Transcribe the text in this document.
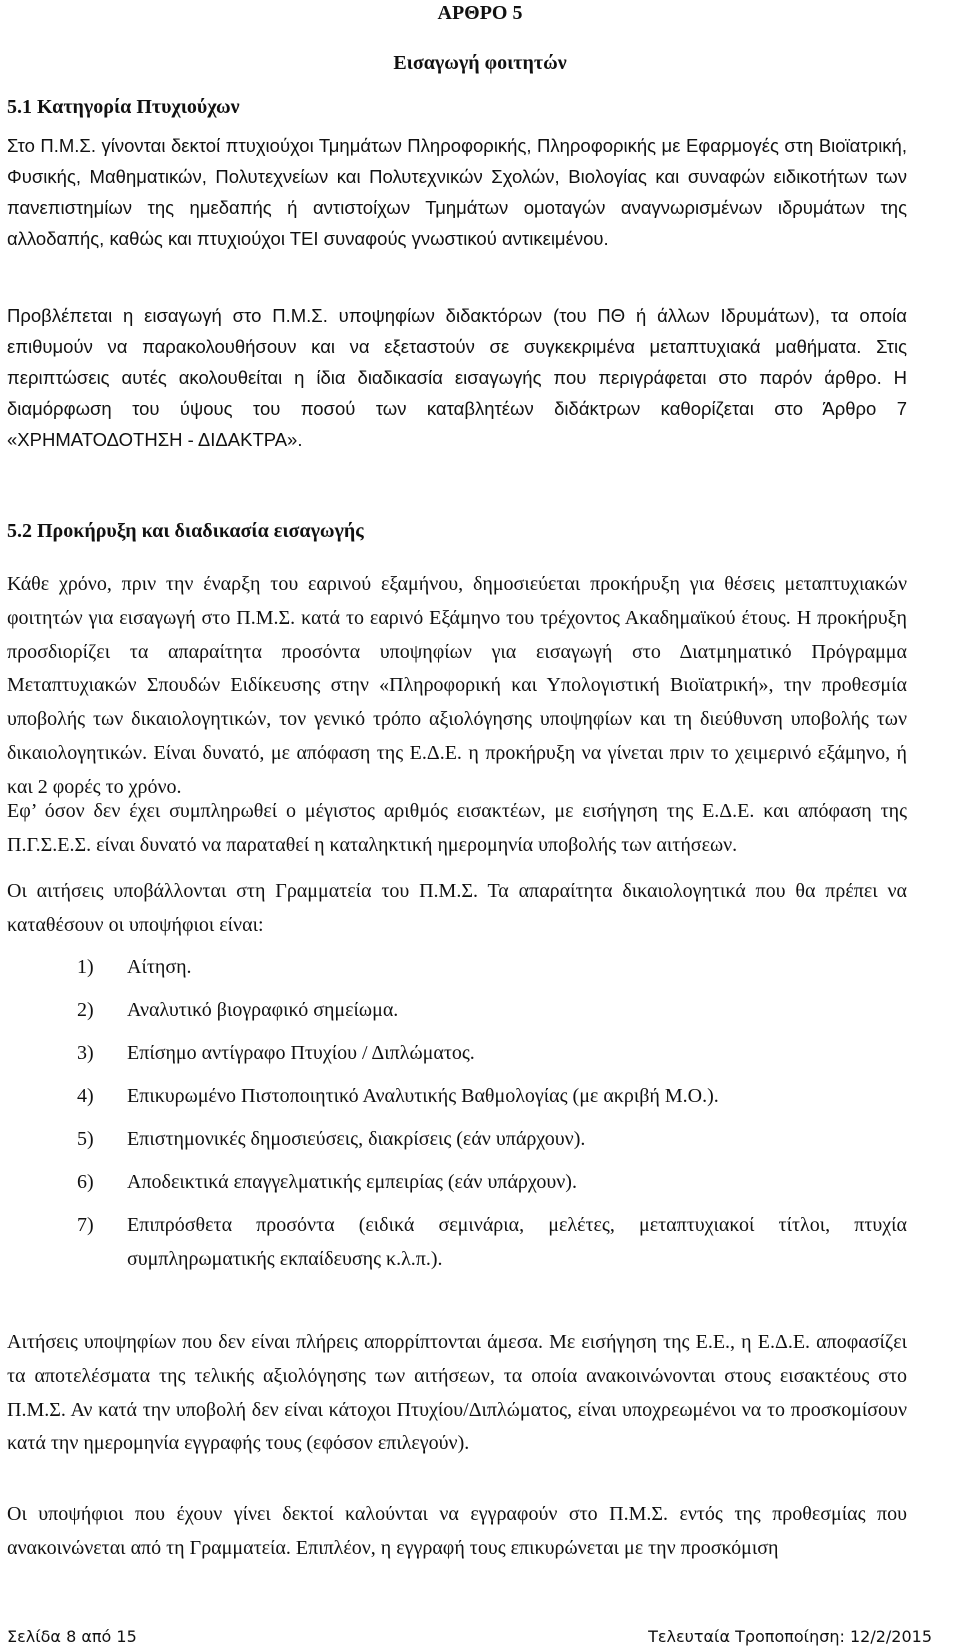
ΑΡΘΡΟ 5
Εισαγωγή φοιτητών
5.1 Κατηγορία Πτυχιούχων
Στο Π.Μ.Σ. γίνονται δεκτοί πτυχιούχοι Τμημάτων Πληροφορικής, Πληροφορικής με Εφαρμογές στη Βιοϊατρική, Φυσικής, Μαθηματικών, Πολυτεχνείων και Πολυτεχνικών Σχολών, Βιολογίας και συναφών ειδικοτήτων των πανεπιστημίων της ημεδαπής ή αντιστοίχων Τμημάτων ομοταγών αναγνωρισμένων ιδρυμάτων της αλλοδαπής, καθώς και πτυχιούχοι ΤΕΙ συναφούς γνωστικού αντικειμένου.
Προβλέπεται η εισαγωγή στο Π.Μ.Σ. υποψηφίων διδακτόρων (του ΠΘ ή άλλων Ιδρυμάτων), τα οποία επιθυμούν να παρακολουθήσουν και να εξεταστούν σε συγκεκριμένα μεταπτυχιακά μαθήματα. Στις περιπτώσεις αυτές ακολουθείται η ίδια διαδικασία εισαγωγής που περιγράφεται στο παρόν άρθρο. Η διαμόρφωση του ύψους του ποσού των καταβλητέων διδάκτρων καθορίζεται στο Άρθρο 7 «ΧΡΗΜΑΤΟΔΟΤΗΣΗ - ΔΙΔΑΚΤΡΑ».
5.2 Προκήρυξη και διαδικασία εισαγωγής
Κάθε χρόνο, πριν την έναρξη του εαρινού εξαμήνου, δημοσιεύεται προκήρυξη για θέσεις μεταπτυχιακών φοιτητών για εισαγωγή στο Π.Μ.Σ. κατά το εαρινό Εξάμηνο του τρέχοντος Ακαδημαϊκού έτους. Η προκήρυξη προσδιορίζει τα απαραίτητα προσόντα υποψηφίων για εισαγωγή στο Διατμηματικό Πρόγραμμα Μεταπτυχιακών Σπουδών Ειδίκευσης στην «Πληροφορική και Υπολογιστική Βιοϊατρική», την προθεσμία υποβολής των δικαιολογητικών, τον γενικό τρόπο αξιολόγησης υποψηφίων και τη διεύθυνση υποβολής των δικαιολογητικών. Είναι δυνατό, με απόφαση της Ε.Δ.Ε. η προκήρυξη να γίνεται πριν το χειμερινό εξάμηνο, ή και 2 φορές το χρόνο.
Εφ’ όσον δεν έχει συμπληρωθεί ο μέγιστος αριθμός εισακτέων, με εισήγηση της Ε.Δ.Ε. και απόφαση της Π.Γ.Σ.Ε.Σ. είναι δυνατό να παραταθεί η καταληκτική ημερομηνία υποβολής των αιτήσεων.
Οι αιτήσεις υποβάλλονται στη Γραμματεία του Π.Μ.Σ. Τα απαραίτητα δικαιολογητικά που θα πρέπει να καταθέσουν οι υποψήφιοι είναι:
1)	Αίτηση.
2)	Αναλυτικό βιογραφικό σημείωμα.
3)	Επίσημο αντίγραφο Πτυχίου / Διπλώματος.
4)	Επικυρωμένο Πιστοποιητικό Αναλυτικής Βαθμολογίας (με ακριβή Μ.Ο.).
5)	Επιστημονικές δημοσιεύσεις, διακρίσεις (εάν υπάρχουν).
6)	Αποδεικτικά επαγγελματικής εμπειρίας (εάν υπάρχουν).
7)	Επιπρόσθετα προσόντα (ειδικά σεμινάρια, μελέτες, μεταπτυχιακοί τίτλοι, πτυχία συμπληρωματικής εκπαίδευσης κ.λ.π.).
Αιτήσεις υποψηφίων που δεν είναι πλήρεις απορρίπτονται άμεσα. Με εισήγηση της Ε.Ε., η Ε.Δ.Ε. αποφασίζει τα αποτελέσματα της τελικής αξιολόγησης των αιτήσεων, τα οποία ανακοινώνονται στους εισακτέους στο Π.Μ.Σ. Αν κατά την υποβολή δεν είναι κάτοχοι Πτυχίου/Διπλώματος, είναι υποχρεωμένοι να το προσκομίσουν κατά την ημερομηνία εγγραφής τους (εφόσον επιλεγούν).
Οι υποψήφιοι που έχουν γίνει δεκτοί καλούνται να εγγραφούν στο Π.Μ.Σ. εντός της προθεσμίας που ανακοινώνεται από τη Γραμματεία. Επιπλέον, η εγγραφή τους επικυρώνεται με την προσκόμιση
Σελίδα 8 από 15	Τελευταία Τροποποίηση: 12/2/2015
